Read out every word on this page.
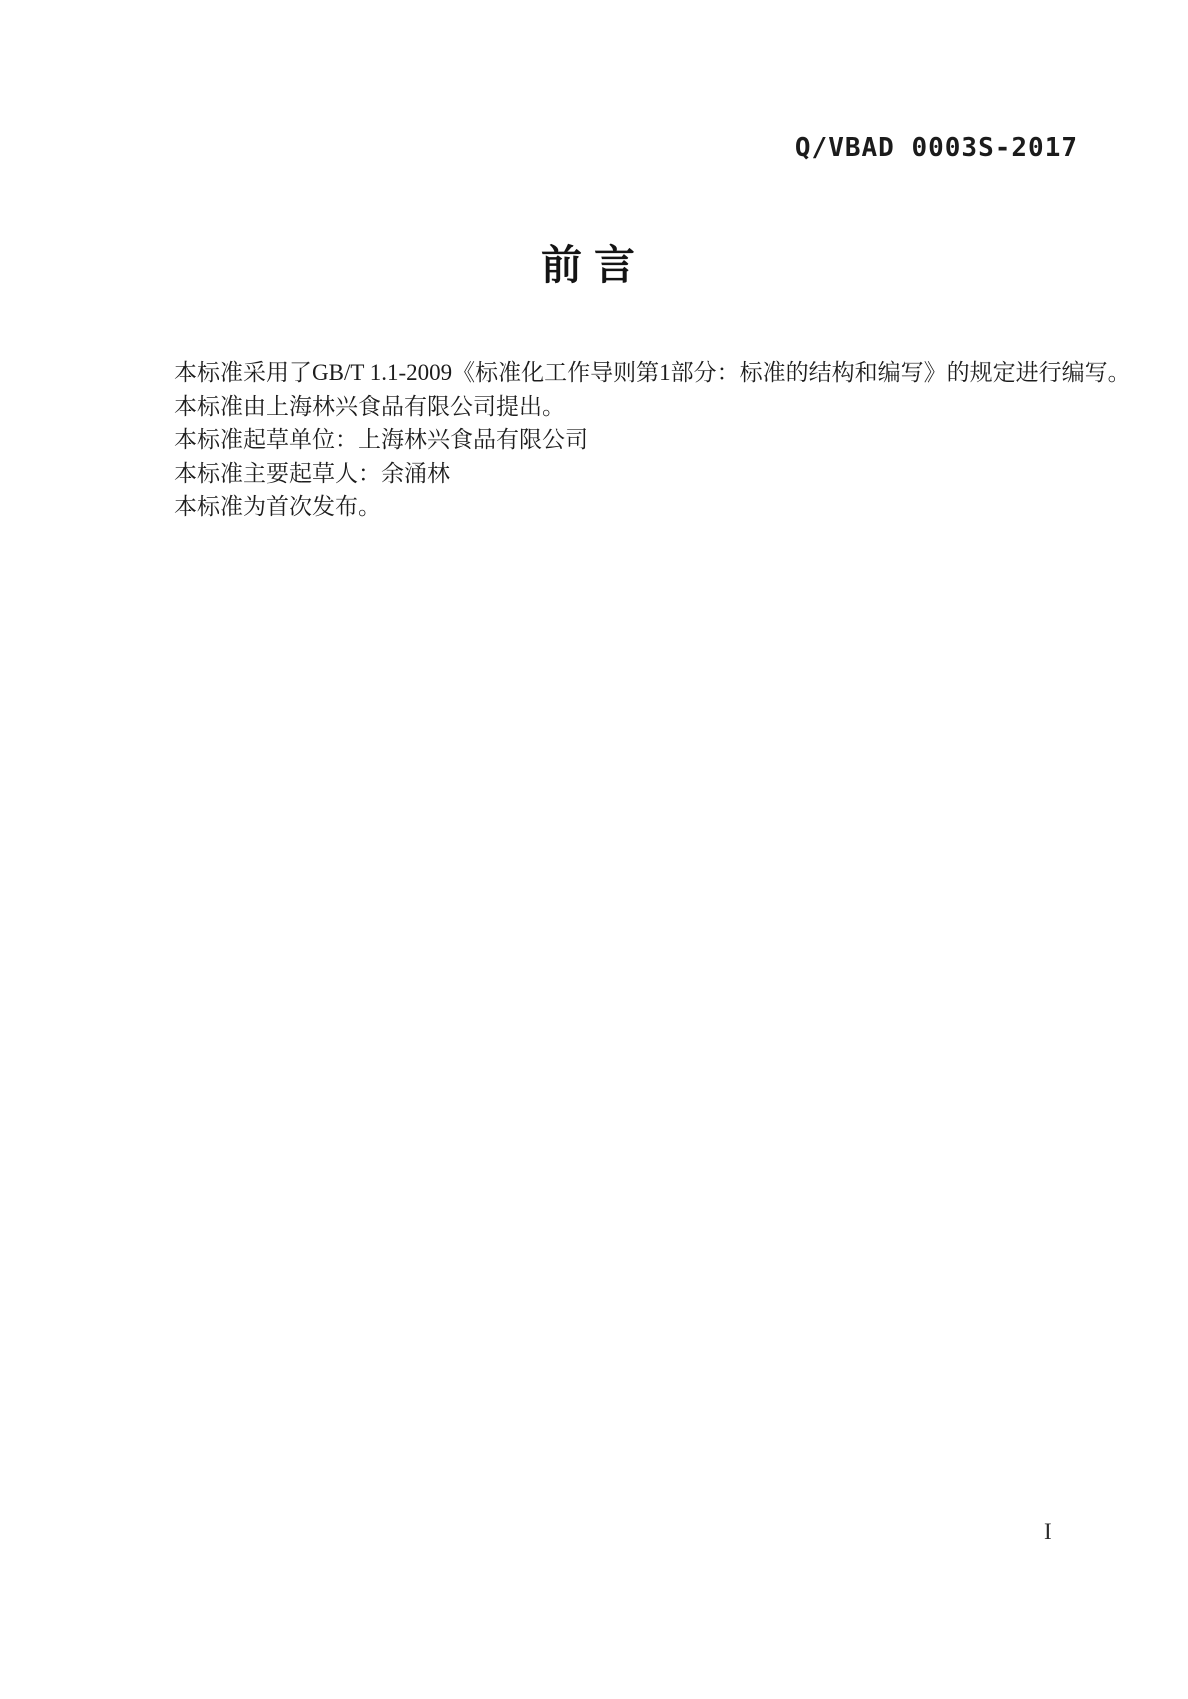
Q/VBAD 0003S-2017
前言

本标准采用了GB/T 1.1-2009《标准化工作导则第1部分：标准的结构和编写》的规定进行编写。

本标准由上海林兴食品有限公司提出。

本标准起草单位：上海林兴食品有限公司

本标准主要起草人：余涌林

本标准为首次发布。

I
